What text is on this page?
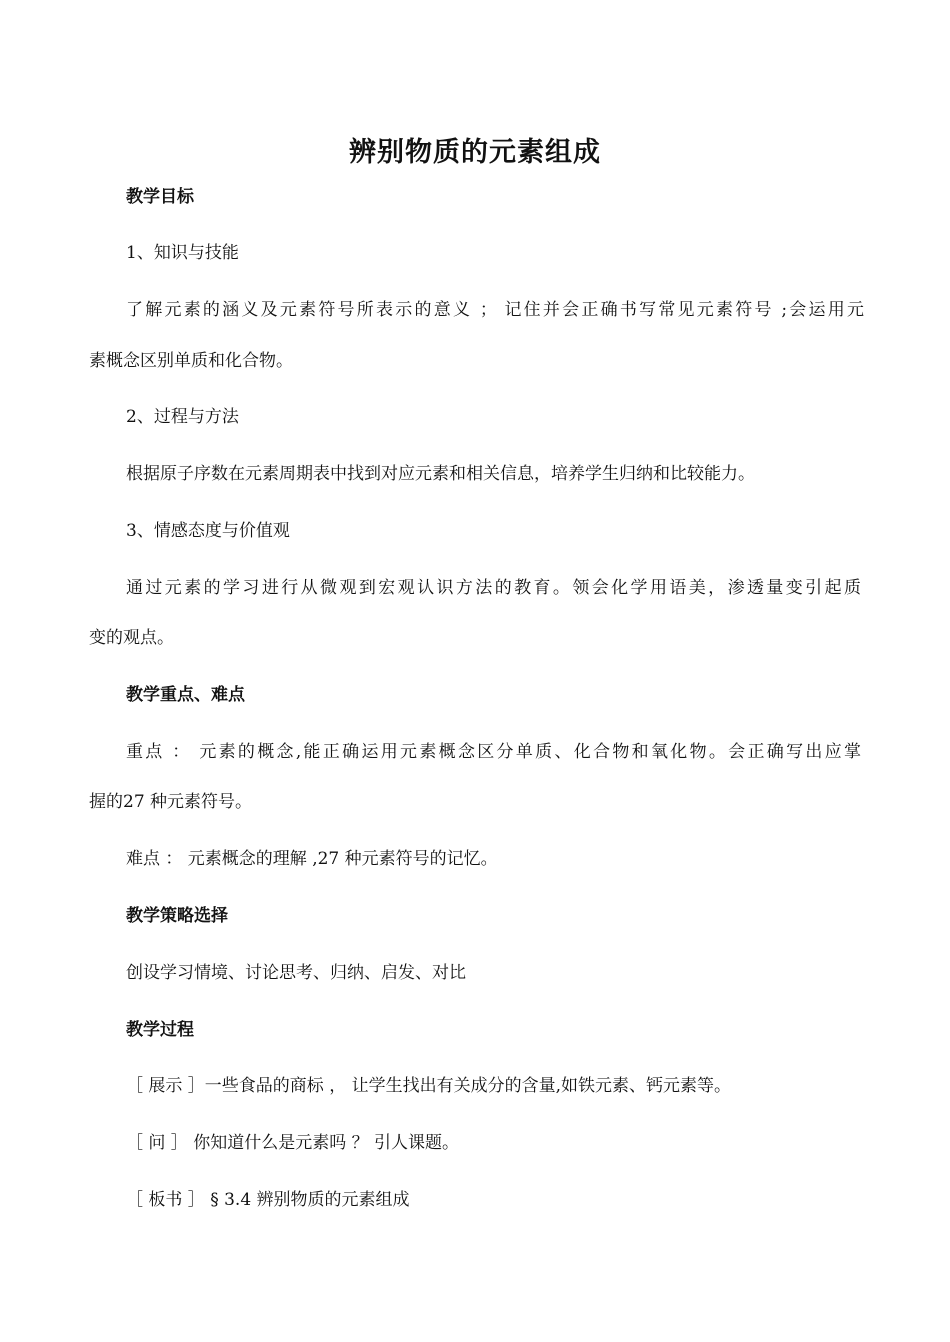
辨别物质的元素组成
教学目标
1、知识与技能
了解元素的涵义及元素符号所表示的意义 ； 记住并会正确书写常见元素符号 ;会运用元
素概念区别单质和化合物。
2、过程与方法
根据原子序数在元素周期表中找到对应元素和相关信息，培养学生归纳和比较能力。
3、情感态度与价值观
通过元素的学习进行从微观到宏观认识方法的教育。领会化学用语美，渗透量变引起质
变的观点。
教学重点、难点
重点 ： 元素的概念,能正确运用元素概念区分单质、化合物和氧化物。会正确写出应掌
握的27 种元素符号。
难点 ： 元素概念的理解 ,27 种元素符号的记忆。
教学策略选择
创设学习情境、讨论思考、归纳、启发、对比
教学过程
［ 展示 ］一些食品的商标 ， 让学生找出有关成分的含量,如铁元素、钙元素等。
［ 问 ］ 你知道什么是元素吗 ？ 引人课题。
［ 板书 ］ § 3.4 辨别物质的元素组成
